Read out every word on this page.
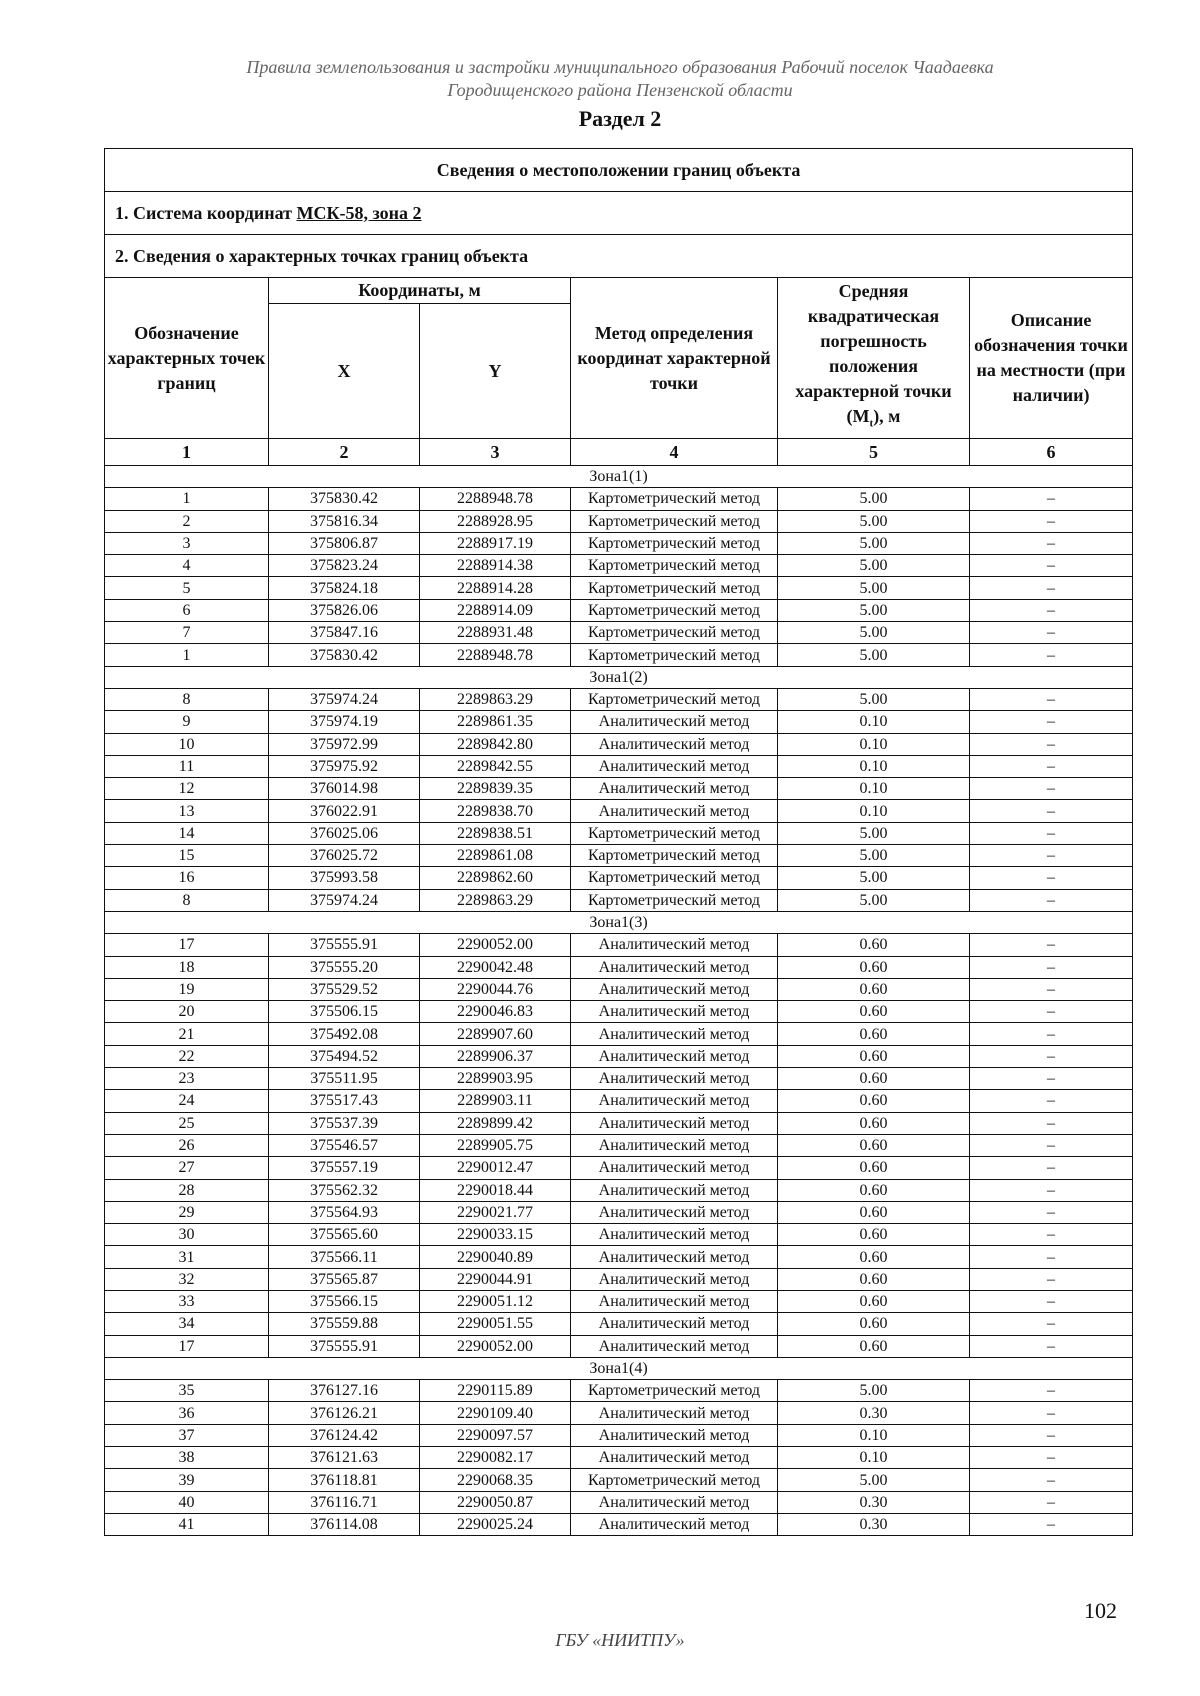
Правила землепользования и застройки муниципального образования Рабочий поселок Чаадаевка
Городищенского района Пензенской области
Раздел 2
Сведения о местоположении границ объекта					
1. Система координат МСК-58, зона 2					
2. Сведения о характерных точках границ объекта					
Обозначение характерных точек границ	Координаты, м		Метод определения координат характерной точки	Средняя квадратическая погрешность положения характерной точки $(M_t)$, м	Описание обозначения точки на местности (при наличии)
	X	Y			
1	2	3	4	5	6
Зона1(1)					
1	375830.42	2288948.78	Картометрический метод	5.00	–
2	375816.34	2288928.95	Картометрический метод	5.00	–
3	375806.87	2288917.19	Картометрический метод	5.00	–
4	375823.24	2288914.38	Картометрический метод	5.00	–
5	375824.18	2288914.28	Картометрический метод	5.00	–
6	375826.06	2288914.09	Картометрический метод	5.00	–
7	375847.16	2288931.48	Картометрический метод	5.00	–
1	375830.42	2288948.78	Картометрический метод	5.00	–
Зона1(2)					
8	375974.24	2289863.29	Картометрический метод	5.00	–
9	375974.19	2289861.35	Аналитический метод	0.10	–
10	375972.99	2289842.80	Аналитический метод	0.10	–
11	375975.92	2289842.55	Аналитический метод	0.10	–
12	376014.98	2289839.35	Аналитический метод	0.10	–
13	376022.91	2289838.70	Аналитический метод	0.10	–
14	376025.06	2289838.51	Картометрический метод	5.00	–
15	376025.72	2289861.08	Картометрический метод	5.00	–
16	375993.58	2289862.60	Картометрический метод	5.00	–
8	375974.24	2289863.29	Картометрический метод	5.00	–
Зона1(3)					
17	375555.91	2290052.00	Аналитический метод	0.60	–
18	375555.20	2290042.48	Аналитический метод	0.60	–
19	375529.52	2290044.76	Аналитический метод	0.60	–
20	375506.15	2290046.83	Аналитический метод	0.60	–
21	375492.08	2289907.60	Аналитический метод	0.60	–
22	375494.52	2289906.37	Аналитический метод	0.60	–
23	375511.95	2289903.95	Аналитический метод	0.60	–
24	375517.43	2289903.11	Аналитический метод	0.60	–
25	375537.39	2289899.42	Аналитический метод	0.60	–
26	375546.57	2289905.75	Аналитический метод	0.60	–
27	375557.19	2290012.47	Аналитический метод	0.60	–
28	375562.32	2290018.44	Аналитический метод	0.60	–
29	375564.93	2290021.77	Аналитический метод	0.60	–
30	375565.60	2290033.15	Аналитический метод	0.60	–
31	375566.11	2290040.89	Аналитический метод	0.60	–
32	375565.87	2290044.91	Аналитический метод	0.60	–
33	375566.15	2290051.12	Аналитический метод	0.60	–
34	375559.88	2290051.55	Аналитический метод	0.60	–
17	375555.91	2290052.00	Аналитический метод	0.60	–
Зона1(4)					
35	376127.16	2290115.89	Картометрический метод	5.00	–
36	376126.21	2290109.40	Аналитический метод	0.30	–
37	376124.42	2290097.57	Аналитический метод	0.10	–
38	376121.63	2290082.17	Аналитический метод	0.10	–
39	376118.81	2290068.35	Картометрический метод	5.00	–
40	376116.71	2290050.87	Аналитический метод	0.30	–
41	376114.08	2290025.24	Аналитический метод	0.30	–
102
ГБУ «НИИТПУ»
